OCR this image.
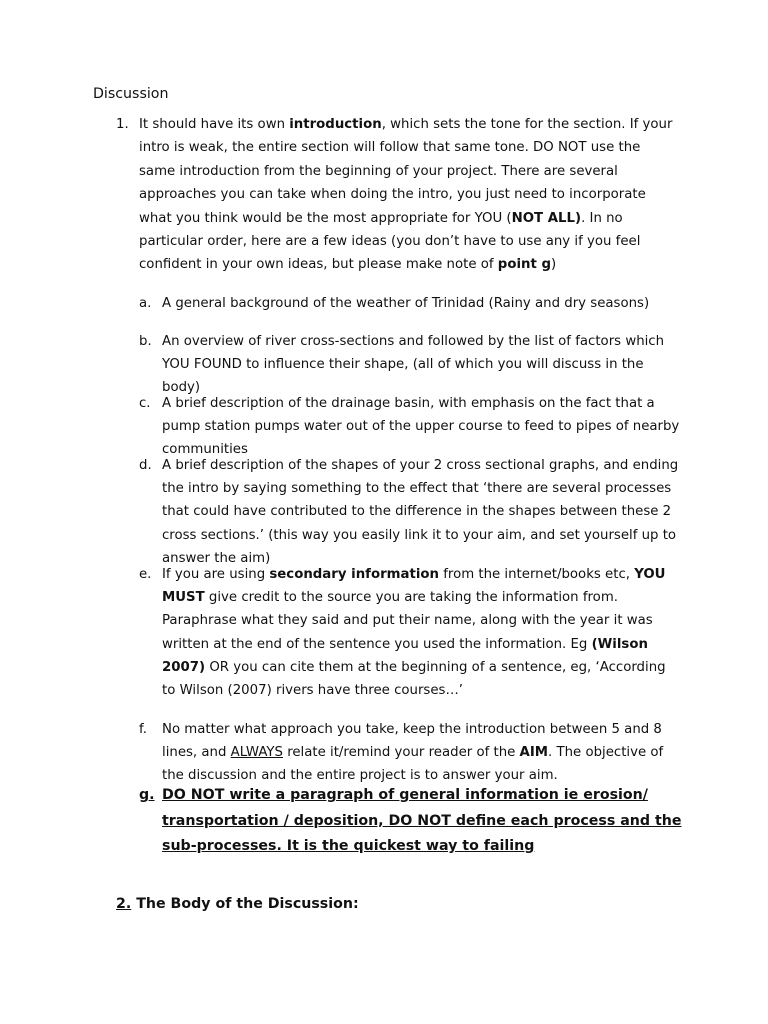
Discussion
1. It should have its own introduction, which sets the tone for the section. If your intro is weak, the entire section will follow that same tone. DO NOT use the same introduction from the beginning of your project. There are several approaches you can take when doing the intro, you just need to incorporate what you think would be the most appropriate for YOU (NOT ALL). In no particular order, here are a few ideas (you don’t have to use any if you feel confident in your own ideas, but please make note of point g)
a. A general background of the weather of Trinidad (Rainy and dry seasons)
b. An overview of river cross-sections and followed by the list of factors which YOU FOUND to influence their shape, (all of which you will discuss in the body)
c. A brief description of the drainage basin, with emphasis on the fact that a pump station pumps water out of the upper course to feed to pipes of nearby communities
d. A brief description of the shapes of your 2 cross sectional graphs, and ending the intro by saying something to the effect that ‘there are several processes that could have contributed to the difference in the shapes between these 2 cross sections.’ (this way you easily link it to your aim, and set yourself up to answer the aim)
e. If you are using secondary information from the internet/books etc, YOU MUST give credit to the source you are taking the information from. Paraphrase what they said and put their name, along with the year it was written at the end of the sentence you used the information. Eg (Wilson 2007) OR you can cite them at the beginning of a sentence, eg, ‘According to Wilson (2007) rivers have three courses…’
f. No matter what approach you take, keep the introduction between 5 and 8 lines, and ALWAYS relate it/remind your reader of the AIM. The objective of the discussion and the entire project is to answer your aim.
g. DO NOT write a paragraph of general information ie erosion/ transportation / deposition, DO NOT define each process and the sub-processes. It is the quickest way to failing
2. The Body of the Discussion:
